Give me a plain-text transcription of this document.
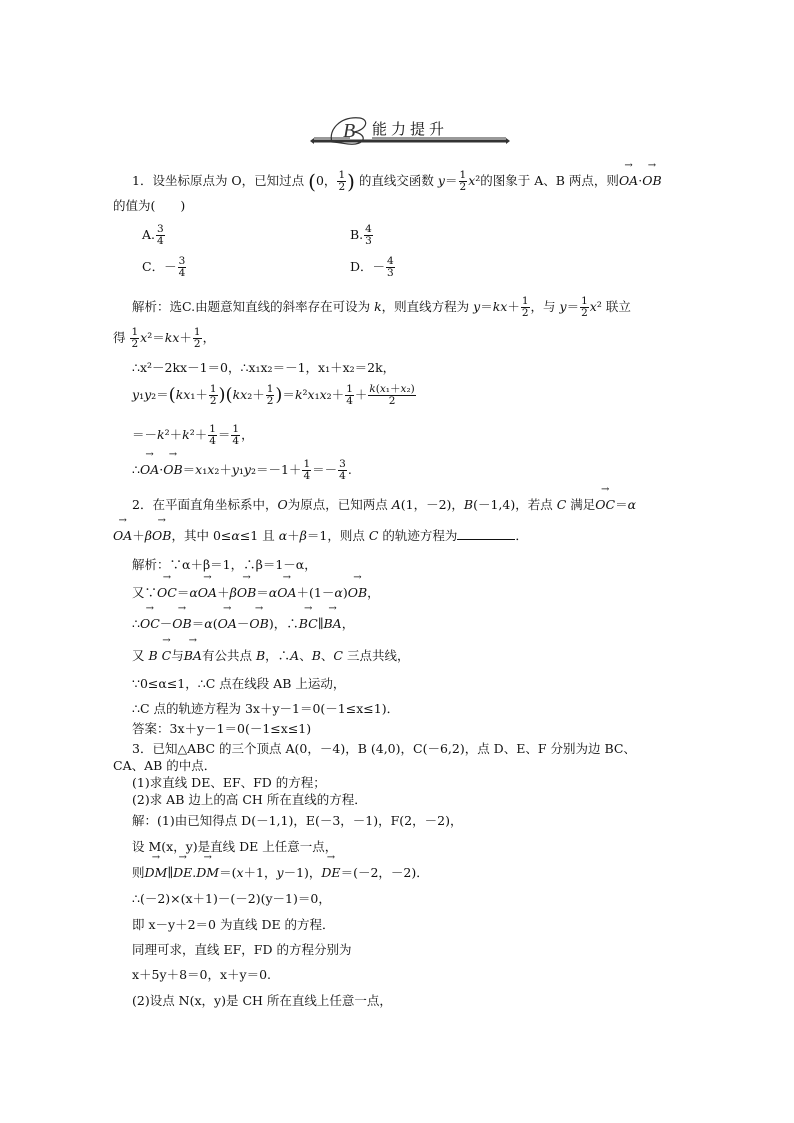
B 能力提升
1．设坐标原点为 O，已知过点 (0， $\frac{1}{2}$ ) 的直线交函数 $y= \frac{1}{2} x^2$的图象于 A、B 两点，则→ OA·→ OB
的值为(　　)
A. $\frac{3}{4}$	B. $\frac{4}{3}$
C．－ $\frac{3}{4}$	D．－ $\frac{4}{3}$
解析：选C.由题意知直线的斜率存在可设为 k，则直线方程为 $y=kx+ \frac{1}{2}$ ，与 $y= \frac{1}{2} x^2$ 联立
得 $\frac{1}{2} x^2=kx+ \frac{1}{2}$ ，
∴x²－2kx－1＝0，∴x₁x₂＝－1，x₁＋x₂＝2k，
$y_1y_2=(kx_1+ \frac{1}{2} )(kx_2+ \frac{1}{2} )=k^2x_1x_2+ \frac{1}{4} + \frac{\text{k(x₁＋x₂)}}{2}$
$=-k^2+k^2+ \frac{1}{4} = \frac{1}{4}$ ，
∴→ $OA\cdot\to OB=x_1x_2+y_1y_2=-1+ \frac{1}{4} =- \frac{3}{4}$ .
2．在平面直角坐标系中，O为原点，已知两点 A(1，－2)，B(－1,4)，若点 C 满足→ OC＝α
→ OA＋β→ OB，其中 0≤α≤1 且 α＋β＝1，则点 C 的轨迹方程为	．
解析：∵α＋β＝1，∴β＝1－α，
又∵→ OC＝α→ OA＋β→ OB＝α→ OA＋(1－α)→ OB，
∴→ OC－→ OB＝α(→ OA－→ OB)，∴→ BC∥→ BA，
又 B → C与→ BA有公共点 B，∴A、B、C 三点共线，
∵0≤α≤1，∴C 点在线段 AB 上运动，
∴C 点的轨迹方程为 3x＋y－1＝0(－1≤x≤1)．
答案：3x＋y－1＝0(－1≤x≤1)
3．已知△ABC 的三个顶点 A(0，－4)，B (4,0)，C(－6,2)，点 D、E、F 分别为边 BC、
CA、AB 的中点．
(1)求直线 DE、EF、FD 的方程；
(2)求 AB 边上的高 CH 所在直线的方程．
解：(1)由已知得点 D(－1,1)，E(－3，－1)，F(2，－2)，
设 M(x，y)是直线 DE 上任意一点，
则→ DM∥→ DE.→ DM＝(x＋1，y－1)，→ DE＝(－2，－2)．
∴(－2)×(x＋1)－(－2)(y－1)＝0，
即 x－y＋2＝0 为直线 DE 的方程．
同理可求，直线 EF，FD 的方程分别为
x＋5y＋8＝0，x＋y＝0.
(2)设点 N(x，y)是 CH 所在直线上任意一点，
